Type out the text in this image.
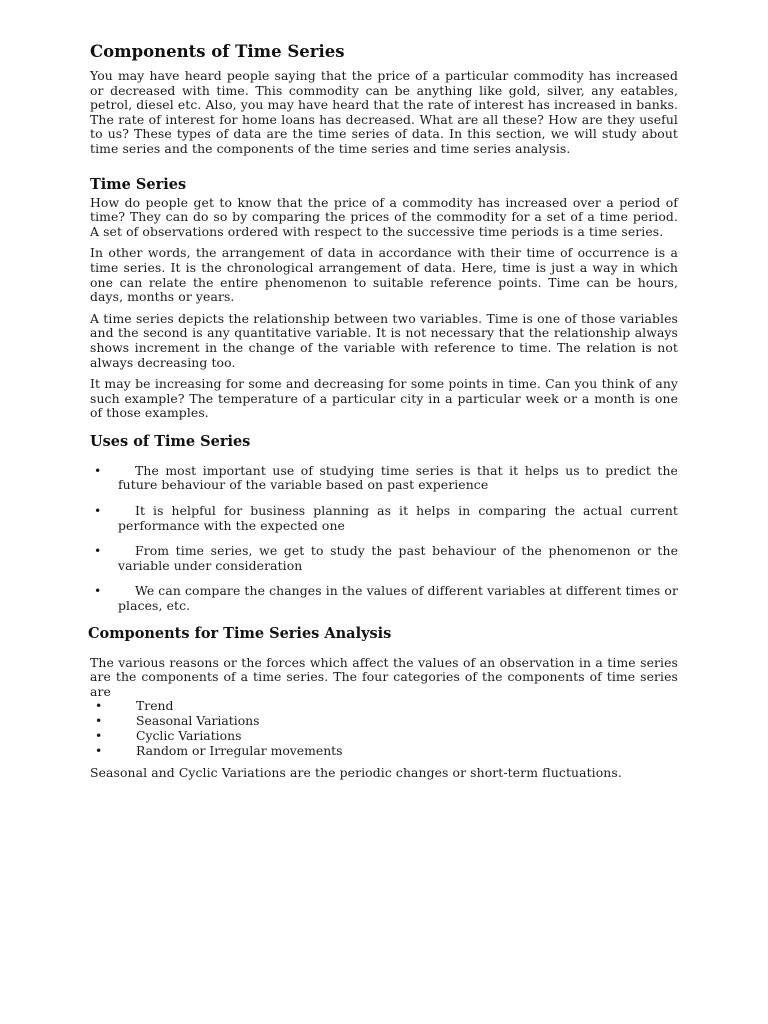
Components of Time Series

You may have heard people saying that the price of a particular commodity has increased or decreased with time. This commodity can be anything like gold, silver, any eatables, petrol, diesel etc. Also, you may have heard that the rate of interest has increased in banks. The rate of interest for home loans has decreased. What are all these? How are they useful to us? These types of data are the time series of data. In this section, we will study about time series and the components of the time series and time series analysis.

Time Series

How do people get to know that the price of a commodity has increased over a period of time? They can do so by comparing the prices of the commodity for a set of a time period. A set of observations ordered with respect to the successive time periods is a time series.

In other words, the arrangement of data in accordance with their time of occurrence is a time series. It is the chronological arrangement of data. Here, time is just a way in which one can relate the entire phenomenon to suitable reference points. Time can be hours, days, months or years.

A time series depicts the relationship between two variables. Time is one of those variables and the second is any quantitative variable. It is not necessary that the relationship always shows increment in the change of the variable with reference to time. The relation is not always decreasing too.

It may be increasing for some and decreasing for some points in time. Can you think of any such example? The temperature of a particular city in a particular week or a month is one of those examples.

Uses of Time Series
•	The most important use of studying time series is that it helps us to predict the future behaviour of the variable based on past experience
•	It is helpful for business planning as it helps in comparing the actual current performance with the expected one
•	From time series, we get to study the past behaviour of the phenomenon or the variable under consideration
•	We can compare the changes in the values of different variables at different times or places, etc.
Components for Time Series Analysis

The various reasons or the forces which affect the values of an observation in a time series are the components of a time series. The four categories of the components of time series are

•	Trend
•	Seasonal Variations
•	Cyclic Variations
•	Random or Irregular movements

Seasonal and Cyclic Variations are the periodic changes or short-term fluctuations.
